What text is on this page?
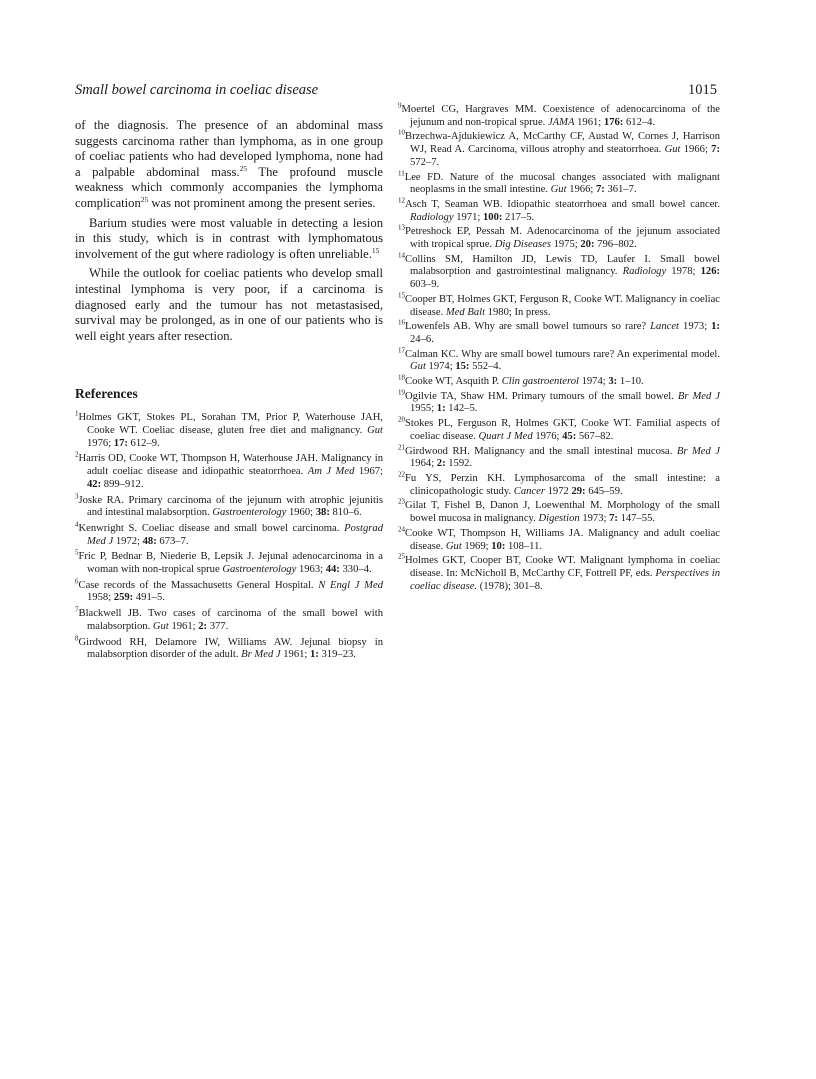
Small bowel carcinoma in coeliac disease	1015

of the diagnosis. The presence of an abdominal mass suggests carcinoma rather than lymphoma, as in one group of coeliac patients who had developed lymphoma, none had a palpable abdominal mass.$^{25}$ The profound muscle weakness which commonly accompanies the lymphoma complication$^{25}$ was not prominent among the present series.

Barium studies were most valuable in detecting a lesion in this study, which is in contrast with lymphomatous involvement of the gut where radiology is often unreliable.$^{15}$

While the outlook for coeliac patients who develop small intestinal lymphoma is very poor, if a carcinoma is diagnosed early and the tumour has not metastasised, survival may be prolonged, as in one of our patients who is well eight years after resection.

References

$^1$Holmes GKT, Stokes PL, Sorahan TM, Prior P, Waterhouse JAH, Cooke WT. Coeliac disease, gluten free diet and malignancy. Gut 1976; 17: 612–9.

$^2$Harris OD, Cooke WT, Thompson H, Waterhouse JAH. Malignancy in adult coeliac disease and idiopathic steatorrhoea. Am J Med 1967; 42: 899–912.

$^3$Joske RA. Primary carcinoma of the jejunum with atrophic jejunitis and intestinal malabsorption. Gastroenterology 1960; 38: 810–6.

$^4$Kenwright S. Coeliac disease and small bowel carcinoma. Postgrad Med J 1972; 48: 673–7.

$^5$Fric P, Bednar B, Niederie B, Lepsik J. Jejunal adenocarcinoma in a woman with non-tropical sprue Gastroenterology 1963; 44: 330–4.

$^6$Case records of the Massachusetts General Hospital. N Engl J Med 1958; 259: 491–5.

$^7$Blackwell JB. Two cases of carcinoma of the small bowel with malabsorption. Gut 1961; 2: 377.

$^8$Girdwood RH, Delamore IW, Williams AW. Jejunal biopsy in malabsorption disorder of the adult. Br Med J 1961; 1: 319–23.

$^9$Moertel CG, Hargraves MM. Coexistence of adenocarcinoma of the jejunum and non-tropical sprue. JAMA 1961; 176: 612–4.

$^{10}$Brzechwa-Ajdukiewicz A, McCarthy CF, Austad W, Cornes J, Harrison WJ, Read A. Carcinoma, villous atrophy and steatorrhoea. Gut 1966; 7: 572–7.

$^{11}$Lee FD. Nature of the mucosal changes associated with malignant neoplasms in the small intestine. Gut 1966; 7: 361–7.

$^{12}$Asch T, Seaman WB. Idiopathic steatorrhoea and small bowel cancer. Radiology 1971; 100: 217–5.

$^{13}$Petreshock EP, Pessah M. Adenocarcinoma of the jejunum associated with tropical sprue. Dig Diseases 1975; 20: 796–802.

$^{14}$Collins SM, Hamilton JD, Lewis TD, Laufer I. Small bowel malabsorption and gastrointestinal malignancy. Radiology 1978; 126: 603–9.

$^{15}$Cooper BT, Holmes GKT, Ferguson R, Cooke WT. Malignancy in coeliac disease. Med Balt 1980; In press.

$^{16}$Lowenfels AB. Why are small bowel tumours so rare? Lancet 1973; 1: 24–6.

$^{17}$Calman KC. Why are small bowel tumours rare? An experimental model. Gut 1974; 15: 552–4.

$^{18}$Cooke WT, Asquith P. Clin gastroenterol 1974; 3: 1–10.

$^{19}$Ogilvie TA, Shaw HM. Primary tumours of the small bowel. Br Med J 1955; 1: 142–5.

$^{20}$Stokes PL, Ferguson R, Holmes GKT, Cooke WT. Familial aspects of coeliac disease. Quart J Med 1976; 45: 567–82.

$^{21}$Girdwood RH. Malignancy and the small intestinal mucosa. Br Med J 1964; 2: 1592.

$^{22}$Fu YS, Perzin KH. Lymphosarcoma of the small intestine: a clinicopathologic study. Cancer 1972 29: 645–59.

$^{23}$Gilat T, Fishel B, Danon J, Loewenthal M. Morphology of the small bowel mucosa in malignancy. Digestion 1973; 7: 147–55.

$^{24}$Cooke WT, Thompson H, Williams JA. Malignancy and adult coeliac disease. Gut 1969; 10: 108–11.

$^{25}$Holmes GKT, Cooper BT, Cooke WT. Malignant lymphoma in coeliac disease. In: McNicholl B, McCarthy CF, Fottrell PF, eds. Perspectives in coeliac disease. (1978); 301–8.
